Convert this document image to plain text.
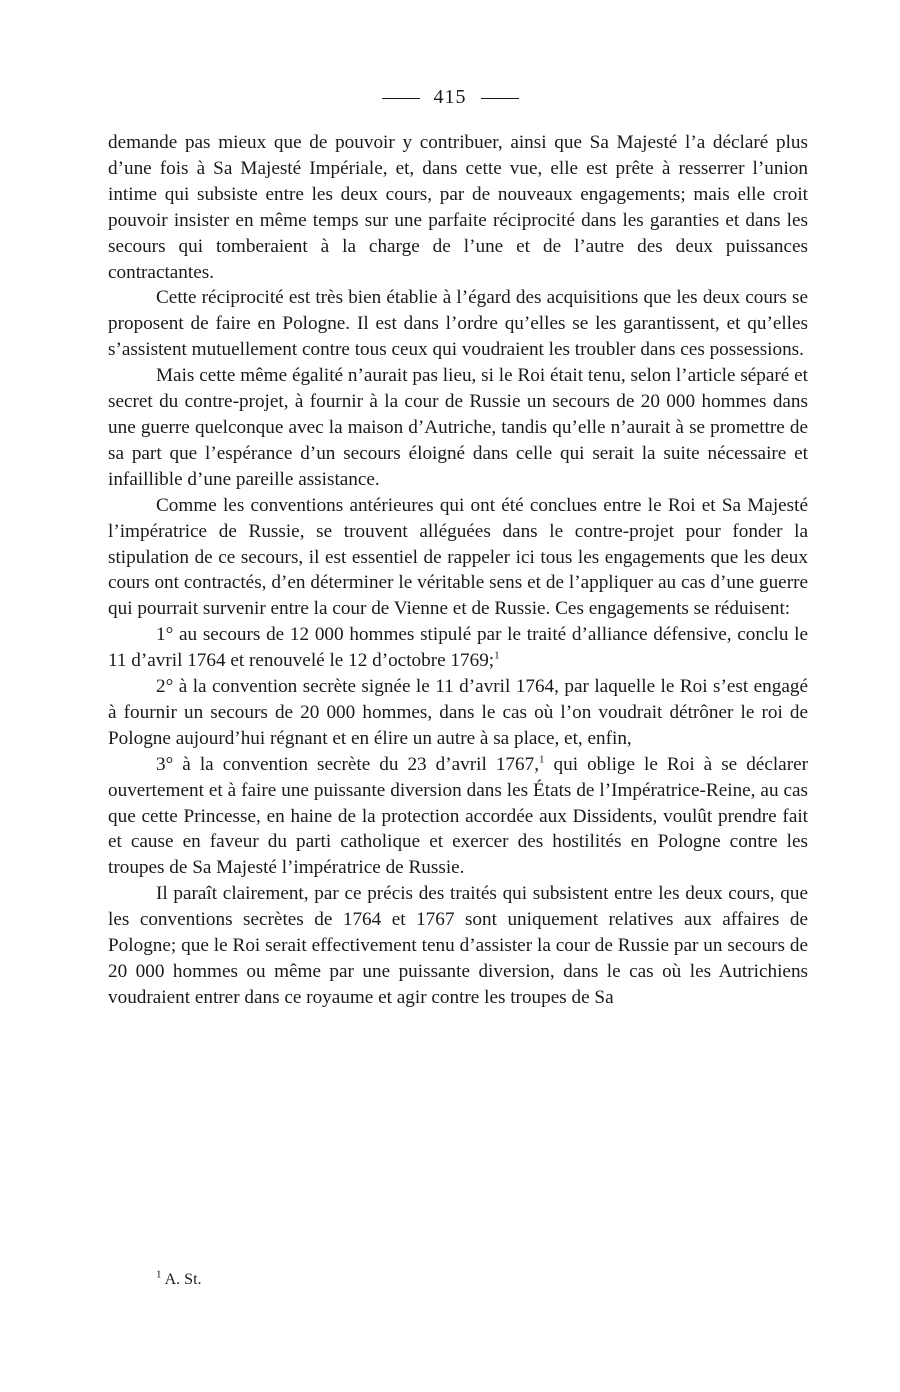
415

demande pas mieux que de pouvoir y contribuer, ainsi que Sa Majesté l’a déclaré plus d’une fois à Sa Majesté Impériale, et, dans cette vue, elle est prête à resserrer l’union intime qui subsiste entre les deux cours, par de nouveaux engagements; mais elle croit pouvoir insister en même temps sur une parfaite réciprocité dans les garanties et dans les secours qui tomberaient à la charge de l’une et de l’autre des deux puissances contractantes.

Cette réciprocité est très bien établie à l’égard des acquisitions que les deux cours se proposent de faire en Pologne. Il est dans l’ordre qu’elles se les garantissent, et qu’elles s’assistent mutuellement contre tous ceux qui voudraient les troubler dans ces possessions.

Mais cette même égalité n’aurait pas lieu, si le Roi était tenu, selon l’article séparé et secret du contre-projet, à fournir à la cour de Russie un secours de 20 000 hommes dans une guerre quelconque avec la maison d’Autriche, tandis qu’elle n’aurait à se promettre de sa part que l’espérance d’un secours éloigné dans celle qui serait la suite nécessaire et infaillible d’une pareille assistance.

Comme les conventions antérieures qui ont été conclues entre le Roi et Sa Majesté l’impératrice de Russie, se trouvent alléguées dans le contre-projet pour fonder la stipulation de ce secours, il est essentiel de rappeler ici tous les engagements que les deux cours ont contractés, d’en déterminer le véritable sens et de l’appliquer au cas d’une guerre qui pourrait survenir entre la cour de Vienne et de Russie. Ces engagements se réduisent:

1° au secours de 12 000 hommes stipulé par le traité d’alliance défensive, conclu le 11 d’avril 1764 et renouvelé le 12 d’octobre 1769;$^1$

2° à la convention secrète signée le 11 d’avril 1764, par laquelle le Roi s’est engagé à fournir un secours de 20 000 hommes, dans le cas où l’on voudrait détrôner le roi de Pologne aujourd’hui régnant et en élire un autre à sa place, et, enfin,

3° à la convention secrète du 23 d’avril 1767,$^1$ qui oblige le Roi à se déclarer ouvertement et à faire une puissante diversion dans les États de l’Impératrice-Reine, au cas que cette Princesse, en haine de la protection accordée aux Dissidents, voulût prendre fait et cause en faveur du parti catholique et exercer des hostilités en Pologne contre les troupes de Sa Majesté l’impératrice de Russie.

Il paraît clairement, par ce précis des traités qui subsistent entre les deux cours, que les conventions secrètes de 1764 et 1767 sont uniquement relatives aux affaires de Pologne; que le Roi serait effectivement tenu d’assister la cour de Russie par un secours de 20 000 hommes ou même par une puissante diversion, dans le cas où les Autrichiens voudraient entrer dans ce royaume et agir contre les troupes de Sa

$^1$ A. St.
